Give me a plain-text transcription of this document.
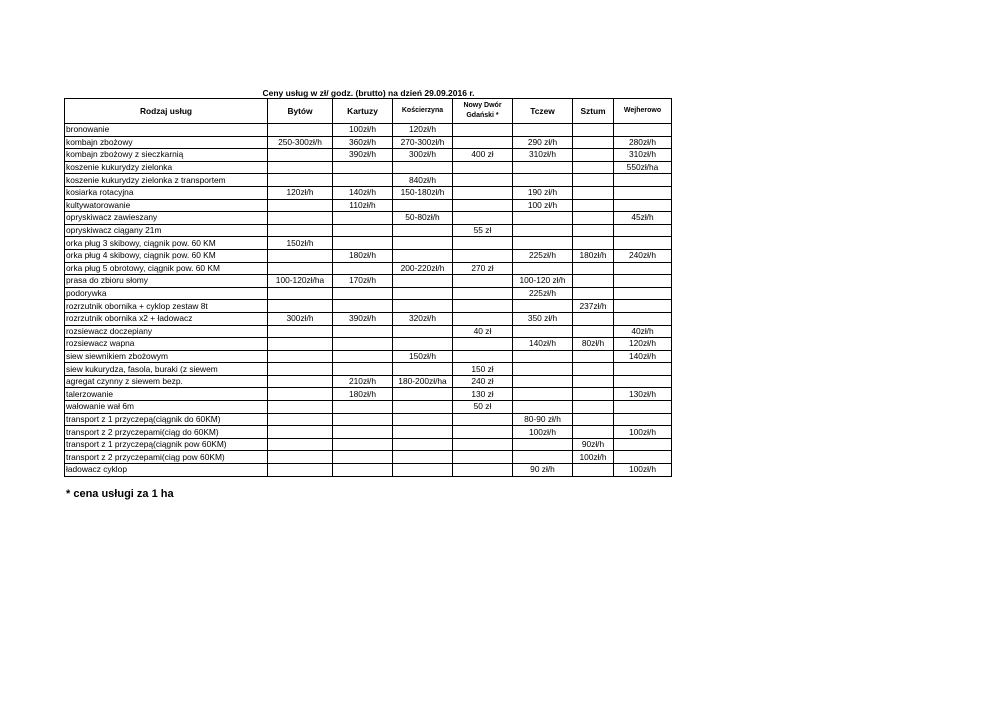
Ceny usług w zł/ godz. (brutto) na dzień 29.09.2016 r.
Rodzaj usług	Bytów	Kartuzy	Kościerzyna	Nowy Dwór Gdański *	Tczew	Sztum	Wejherowo
bronowanie		100zł/h	120zł/h				
kombajn zbożowy	250-300zł/h	360zł/h	270-300zł/h		290 zł/h		280zł/h
kombajn zbożowy z sieczkarnią		390zł/h	300zł/h	400 zł	310zł/h		310zł/h
koszenie kukurydzy zielonka							550zł/ha
koszenie kukurydzy zielonka z transportem			840zł/h				
kosiarka rotacyjna	120zł/h	140zł/h	150-180zł/h		190 zł/h		
kultywatorowanie		110zł/h			100 zł/h		
opryskiwacz zawieszany			50-80zł/h				45zł/h
opryskiwacz ciągany 21m				55 zł			
orka pług 3 skibowy, ciągnik pow. 60 KM	150zł/h						
orka pług 4 skibowy, ciągnik pow. 60 KM		180zł/h			225zł/h	180zł/h	240zł/h
orka pług 5 obrotowy, ciągnik pow. 60 KM			200-220zł/h	270 zł			
prasa do zbioru słomy	100-120zł/ha	170zł/h			100-120 zł/h		
podorywka					225zł/h		
rozrzutnik obornika + cyklop zestaw 8t						237zł/h	
rozrzutnik obornika x2 + ładowacz	300zł/h	390zł/h	320zł/h		350 zł/h		
rozsiewacz doczepiany				40 zł			40zł/h
rozsiewacz wapna					140zł/h	80zł/h	120zł/h
siew siewnikiem zbożowym			150zł/h				140zł/h
siew kukurydza, fasola, buraki (z siewem				150 zł			
agregat czynny z siewem bezp.		210zł/h	180-200zł/ha	240 zł			
talerzowanie		180zł/h		130 zł			130zł/h
wałowanie wał 6m				50 zł			
transport z 1 przyczepą(ciągnik do 60KM)					80-90 zł/h		
transport z 2 przyczepami(ciąg do 60KM)					100zł/h		100zł/h
transport z 1 przyczepą(ciągnik pow 60KM)						90zł/h	
transport z 2 przyczepami(ciąg pow 60KM)						100zł/h	
ładowacz cyklop					90 zł/h		100zł/h
* cena usługi za 1 ha
